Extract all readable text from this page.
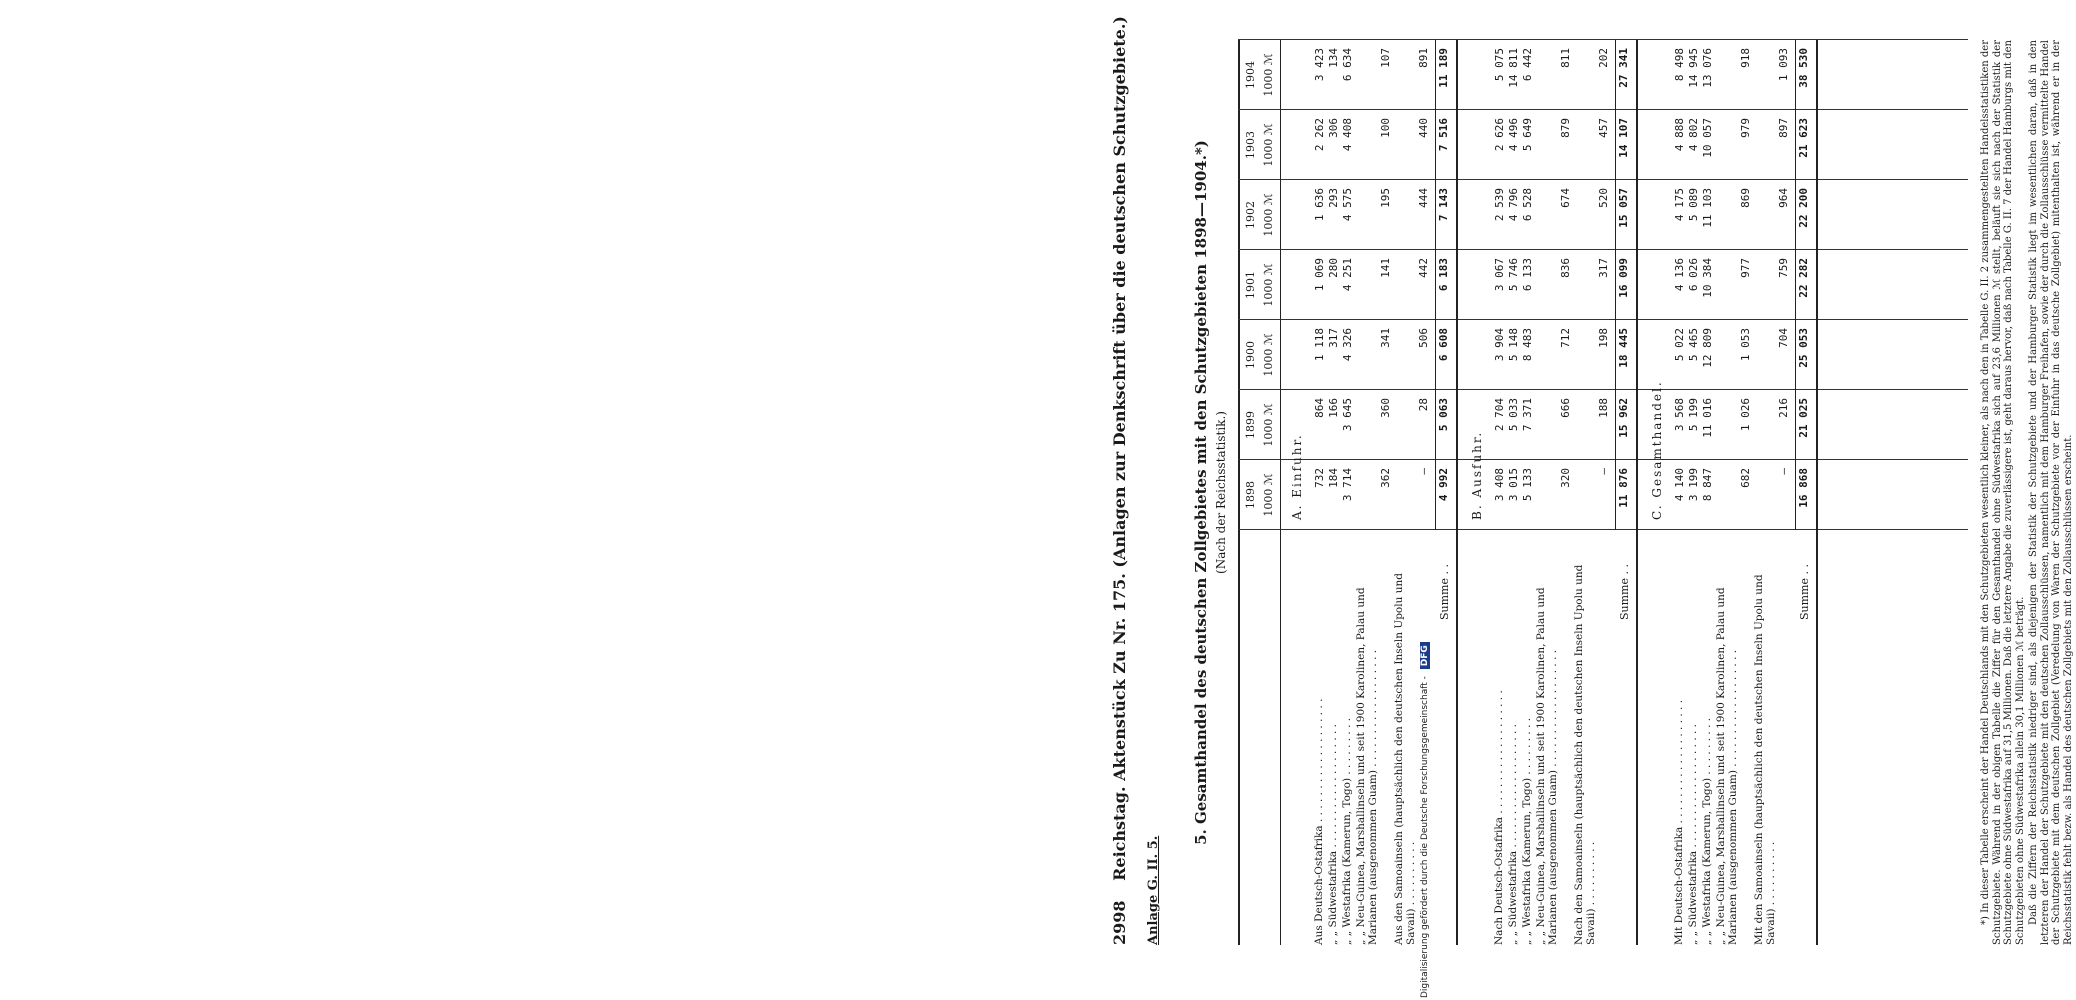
2998 Reichstag. Aktenstück Zu Nr. 175. (Anlagen zur Denkschrift über die deutschen Schutzgebiete.)
Anlage G. II. 5.
5. Gesamthandel des deutschen Zollgebietes mit den Schutzgebieten 1898—1904.*) (Nach der Reichsstatistik.) 1898 1000 ℳ
1899 1000 ℳ
1900 1000 ℳ
1901 1000 ℳ
1902 1000 ℳ
1903 1000 ℳ
1904 1000 ℳ
A. Einfuhr.
Aus Deutsch-Ostafrika . . . . . . . . . . . . . . . . . . .
732
864
1 118
1 069
1 636
2 262
3 423
„ „ Südwestafrika . . . . . . . . . . . . . . . . . . .
184
166
317
280
293
306
134
„ „ Westafrika (Kamerun, Togo) . . . . . . . . .
3 714
3 645
4 326
4 251
4 575
4 408
6 634
„ „ Neu-Guinea, Marshallinseln und seit 1900 Karolinen, Palau und Marianen (ausgenommen Guam) . . . . . . . . . . . . . . . . . .
362
360
341
141
195
100
107
Aus den Samoainseln (hauptsächlich den deutschen Inseln Upolu und Savaii) . . . . . . . . . .
—
28
506
442
444
440
891
Summe . .
4 992
5 063
6 608
6 183
7 143
7 516
11 189
B. Ausfuhr.
Nach Deutsch-Ostafrika . . . . . . . . . . . . . . . . . . .
3 408
2 704
3 904
3 067
2 539
2 626
5 075
„ „ Südwestafrika . . . . . . . . . . . . . . . . . . .
3 015
5 033
5 148
5 746
4 796
4 496
14 811
„ „ Westafrika (Kamerun, Togo) . . . . . . . . .
5 133
7 371
8 483
6 133
6 528
5 649
6 442
„ „ Neu-Guinea, Marshallinseln und seit 1900 Karolinen, Palau und Marianen (ausgenommen Guam) . . . . . . . . . . . . . . . . . .
320
666
712
836
674
879
811
Nach den Samoainseln (hauptsächlich den deutschen Inseln Upolu und Savaii) . . . . . . . . . .
—
188
198
317
520
457
202
Summe . .
11 876
15 962
18 445
16 099
15 057
14 107
27 341
C. Gesamthandel.
Mit Deutsch-Ostafrika . . . . . . . . . . . . . . . . . . .
4 140
3 568
5 022
4 136
4 175
4 888
8 498
„ „ Südwestafrika . . . . . . . . . . . . . . . . . . .
3 199
5 199
5 465
6 026
5 089
4 802
14 945
„ „ Westafrika (Kamerun, Togo) . . . . . . . . .
8 847
11 016
12 809
10 384
11 103
10 057
13 076
„ „ Neu-Guinea, Marshallinseln und seit 1900 Karolinen, Palau und Marianen (ausgenommen Guam) . . . . . . . . . . . . . . . . . .
682
1 026
1 053
977
869
979
918
Mit den Samoainseln (hauptsächlich den deutschen Inseln Upolu und Savaii) . . . . . . . . . .
—
216
704
759
964
897
1 093
Summe . .
16 868
21 025
25 053
22 282
22 200
21 623
38 530	*) In dieser Tabelle erscheint der Handel Deutschlands mit den Schutzgebieten wesentlich kleiner, als nach den in Tabelle G. II. 2 zusammengestellten Handelsstatistiken der Schutzgebiete. Während in der obigen Tabelle die Ziffer für den Gesamthandel ohne Südwestafrika sich auf 23,6 Millionen ℳ stellt, beläuft sie sich nach der Statistik der Schutzgebiete ohne Südwestafrika auf 31,5 Millionen. Daß die letztere Angabe die zuverlässigere ist, geht daraus hervor, daß nach Tabelle G. II. 7 der Handel Hamburgs mit den Schutzgebieten ohne Südwestafrika allein 30,1 Millionen ℳ beträgt. Daß die Ziffern der Reichsstatistik niedriger sind, als diejenigen der Statistik der Schutzgebiete und der Hamburger Statistik liegt im wesentlichen daran, daß in den letzteren der Handel der Schutzgebiete mit den deutschen Zollausschlüssen, namentlich mit dem Hamburger Freihafen, sowie der durch die Zollausschlüsse vermittelte Handel der Schutzgebiete mit dem deutschen Zollgebiet (Veredelung von Waren der Schutzgebiete vor der Einfuhr in das deutsche Zollgebiet) mitenthalten ist, während er in der Reichsstatistik fehlt bezw. als Handel des deutschen Zollgebiets mit den Zollausschlüssen erscheint.

Digitalisierung gefördert durch die Deutsche Forschungsgemeinschaft - DFG
